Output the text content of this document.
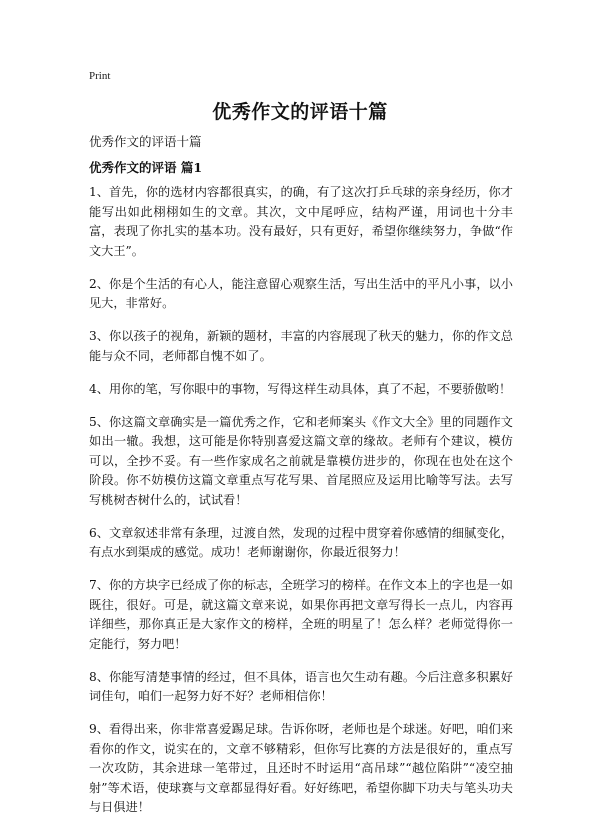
Print
优秀作文的评语十篇
优秀作文的评语十篇
优秀作文的评语 篇1

1、首先，你的选材内容都很真实，的确，有了这次打乒乓球的亲身经历，你才能写出如此栩栩如生的文章。其次，文中尾呼应，结构严谨，用词也十分丰富，表现了你扎实的基本功。没有最好，只有更好，希望你继续努力，争做“作文大王”。

2、你是个生活的有心人，能注意留心观察生活，写出生活中的平凡小事，以小见大，非常好。

3、你以孩子的视角，新颖的题材，丰富的内容展现了秋天的魅力，你的作文总能与众不同，老师都自愧不如了。

4、用你的笔，写你眼中的事物，写得这样生动具体，真了不起，不要骄傲哟！

5、你这篇文章确实是一篇优秀之作，它和老师案头《作文大全》里的同题作文如出一辙。我想，这可能是你特别喜爱这篇文章的缘故。老师有个建议，模仿可以，全抄不妥。有一些作家成名之前就是靠模仿进步的，你现在也处在这个阶段。你不妨模仿这篇文章重点写花写果、首尾照应及运用比喻等写法。去写写桃树杏树什么的，试试看！

6、文章叙述非常有条理，过渡自然，发现的过程中贯穿着你感情的细腻变化，有点水到渠成的感觉。成功！老师谢谢你，你最近很努力！

7、你的方块字已经成了你的标志，全班学习的榜样。在作文本上的字也是一如既往，很好。可是，就这篇文章来说，如果你再把文章写得长一点儿，内容再详细些，那你真正是大家作文的榜样，全班的明星了！怎么样？老师觉得你一定能行，努力吧！

8、你能写清楚事情的经过，但不具体，语言也欠生动有趣。今后注意多积累好词佳句，咱们一起努力好不好？老师相信你！

9、看得出来，你非常喜爱踢足球。告诉你呀，老师也是个球迷。好吧，咱们来看你的作文，说实在的，文章不够精彩，但你写比赛的方法是很好的，重点写一次攻防，其余进球一笔带过，且还时不时运用“高吊球”“越位陷阱”“凌空抽射”等术语，使球赛与文章都显得好看。好好练吧，希望你脚下功夫与笔头功夫与日俱进！
